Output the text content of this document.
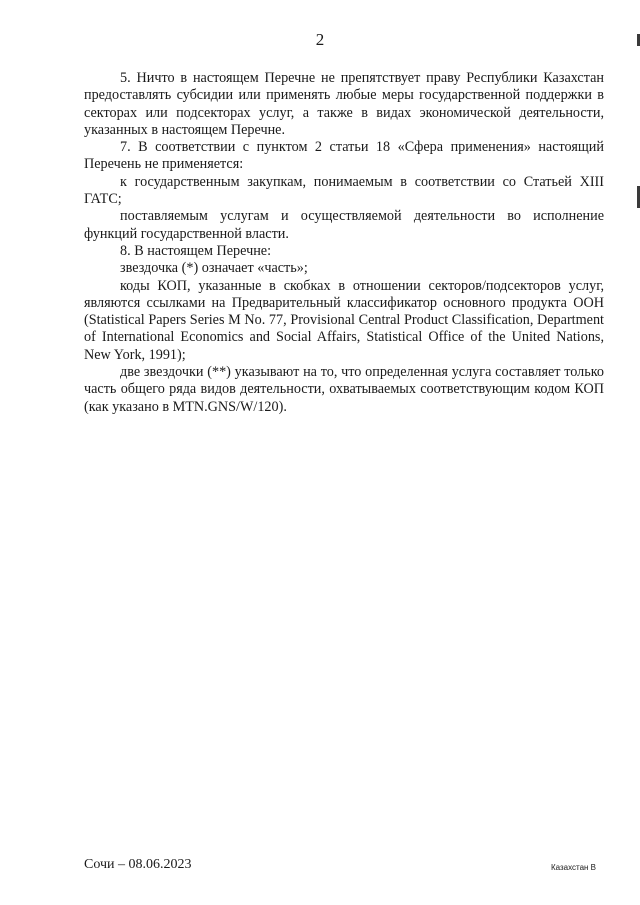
2

5. Ничто в настоящем Перечне не препятствует праву Республики Казахстан предоставлять субсидии или применять любые меры государственной поддержки в секторах или подсекторах услуг, а также в видах экономической деятельности, указанных в настоящем Перечне.

7. В соответствии с пунктом 2 статьи 18 «Сфера применения» настоящий Перечень не применяется:

к государственным закупкам, понимаемым в соответствии со Статьей XIII ГАТС;

поставляемым услугам и осуществляемой деятельности во исполнение функций государственной власти.

8. В настоящем Перечне:

звездочка (*) означает «часть»;

коды КОП, указанные в скобках в отношении секторов/подсекторов услуг, являются ссылками на Предварительный классификатор основного продукта ООН (Statistical Papers Series M No. 77, Provisional Central Product Classification, Department of International Economics and Social Affairs, Statistical Office of the United Nations, New York, 1991);

две звездочки (**) указывают на то, что определенная услуга составляет только часть общего ряда видов деятельности, охватываемых соответствующим кодом КОП (как указано в MTN.GNS/W/120).

Сочи – 08.06.2023	Казахстан В
